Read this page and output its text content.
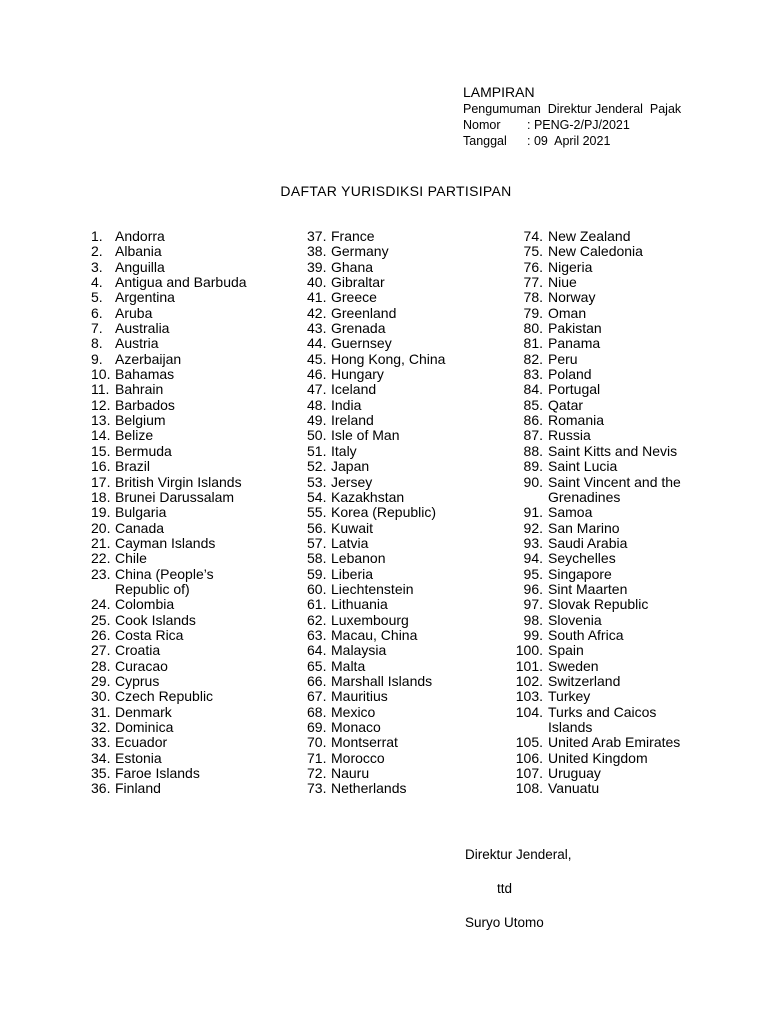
LAMPIRAN
Pengumuman  Direktur Jenderal  Pajak
Nomor	: PENG-2/PJ/2021
Tanggal	: 09  April 2021
DAFTAR YURISDIKSI PARTISIPAN
1. Andorra
2. Albania
3. Anguilla
4. Antigua and Barbuda
5. Argentina
6. Aruba
7. Australia
8. Austria
9. Azerbaijan
10. Bahamas
11. Bahrain
12. Barbados
13. Belgium
14. Belize
15. Bermuda
16. Brazil
17. British Virgin Islands
18. Brunei Darussalam
19. Bulgaria
20. Canada
21. Cayman Islands
22. Chile
23. China (People’s
Republic of)
24. Colombia
25. Cook Islands
26. Costa Rica
27. Croatia
28. Curacao
29. Cyprus
30. Czech Republic
31. Denmark
32. Dominica
33. Ecuador
34. Estonia
35. Faroe Islands
36. Finland
37. France
38. Germany
39. Ghana
40. Gibraltar
41. Greece
42. Greenland
43. Grenada
44. Guernsey
45. Hong Kong, China
46. Hungary
47. Iceland
48. India
49. Ireland
50. Isle of Man
51. Italy
52. Japan
53. Jersey
54. Kazakhstan
55. Korea (Republic)
56. Kuwait
57. Latvia
58. Lebanon
59. Liberia
60. Liechtenstein
61. Lithuania
62. Luxembourg
63. Macau, China
64. Malaysia
65. Malta
66. Marshall Islands
67. Mauritius
68. Mexico
69. Monaco
70. Montserrat
71. Morocco
72. Nauru
73. Netherlands
74. New Zealand
75. New Caledonia
76. Nigeria
77. Niue
78. Norway
79. Oman
80. Pakistan
81. Panama
82. Peru
83. Poland
84. Portugal
85. Qatar
86. Romania
87. Russia
88. Saint Kitts and Nevis
89. Saint Lucia
90. Saint Vincent and the
Grenadines
91. Samoa
92. San Marino
93. Saudi Arabia
94. Seychelles
95. Singapore
96. Sint Maarten
97. Slovak Republic
98. Slovenia
99. South Africa
100. Spain
101. Sweden
102. Switzerland
103. Turkey
104. Turks and Caicos
Islands
105. United Arab Emirates
106. United Kingdom
107. Uruguay
108. Vanuatu
Direktur Jenderal,
ttd
Suryo Utomo
